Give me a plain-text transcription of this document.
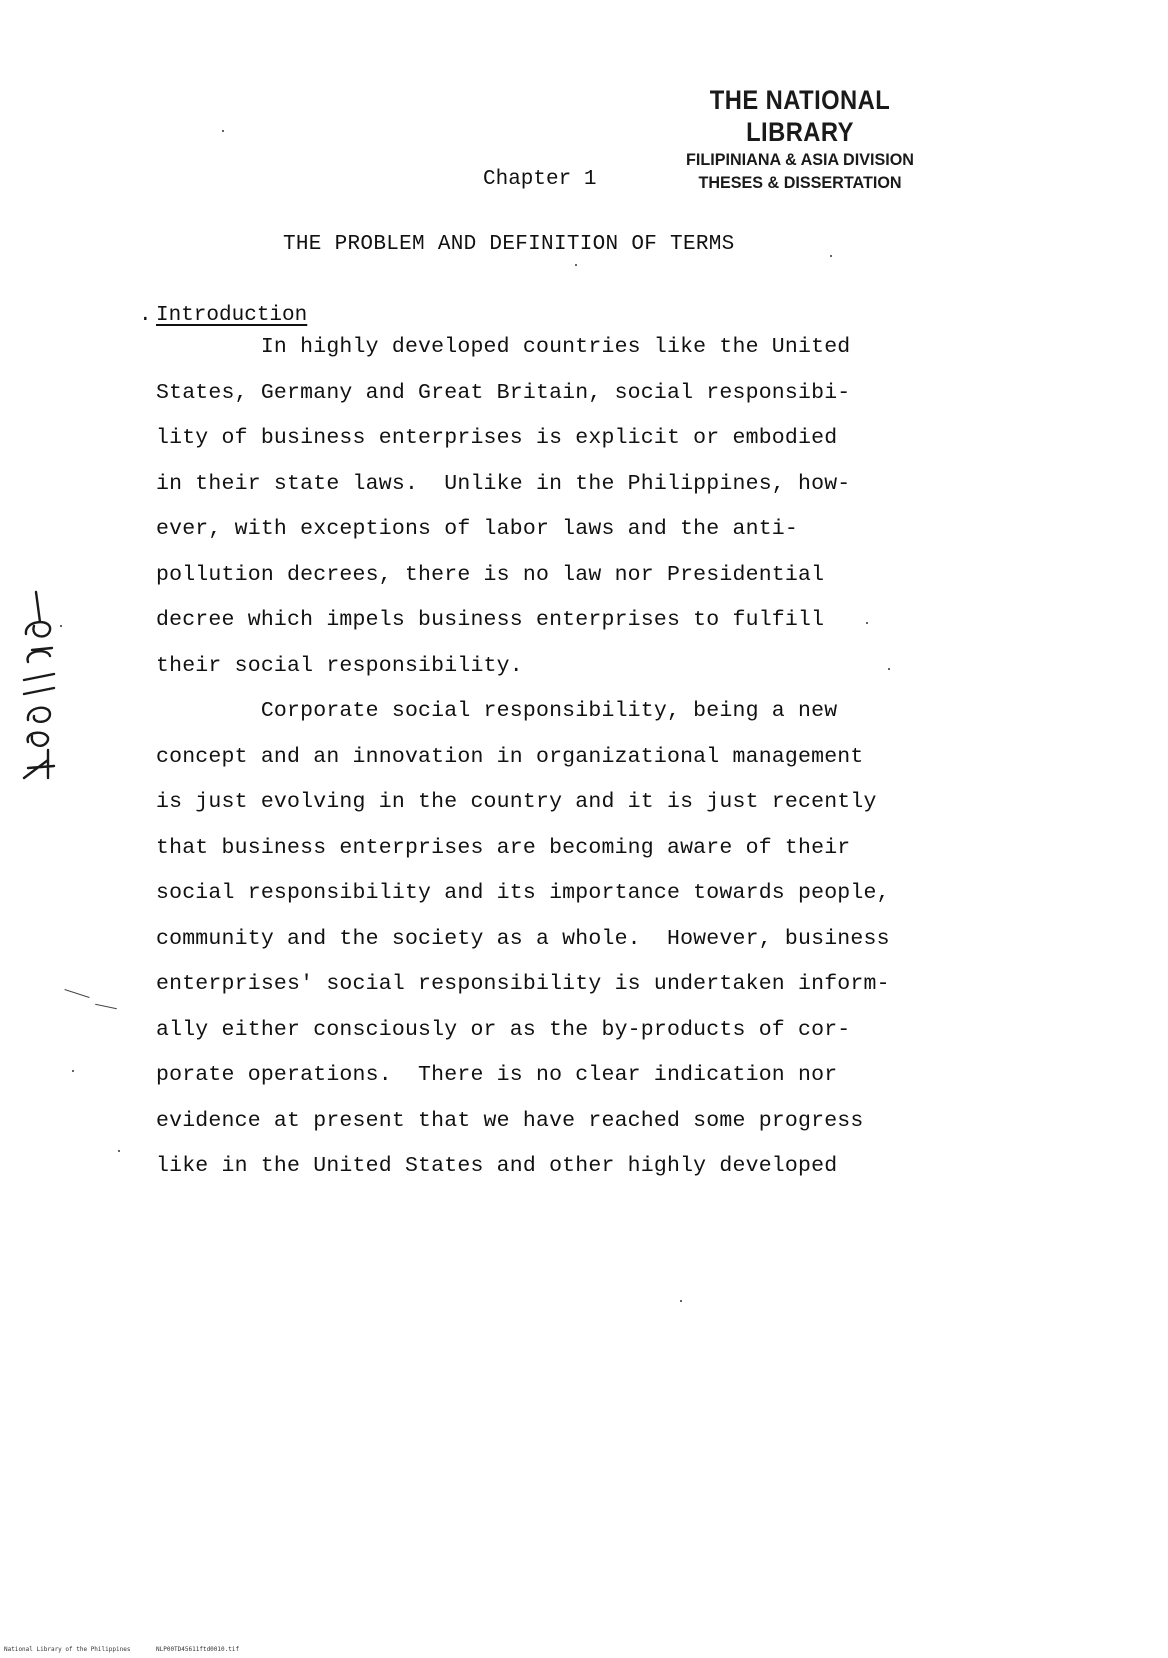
THE NATIONAL LIBRARY
FILIPINIANA & ASIA DIVISION
THESES & DISSERTATION
Chapter 1
THE PROBLEM AND DEFINITION OF TERMS
. Introduction
In highly developed countries like the United
States, Germany and Great Britain, social responsibi-
lity of business enterprises is explicit or embodied
in their state laws.  Unlike in the Philippines, how-
ever, with exceptions of labor laws and the anti-
pollution decrees, there is no law nor Presidential
decree which impels business enterprises to fulfill
their social responsibility.
Corporate social responsibility, being a new
concept and an innovation in organizational management
is just evolving in the country and it is just recently
that business enterprises are becoming aware of their
social responsibility and its importance towards people,
community and the society as a whole.  However, business
enterprises' social responsibility is undertaken inform-
ally either consciously or as the by-products of cor-
porate operations.  There is no clear indication nor
evidence at present that we have reached some progress
like in the United States and other highly developed
National Library of the Philippines	NLP00TD45611ftd0010.tif
